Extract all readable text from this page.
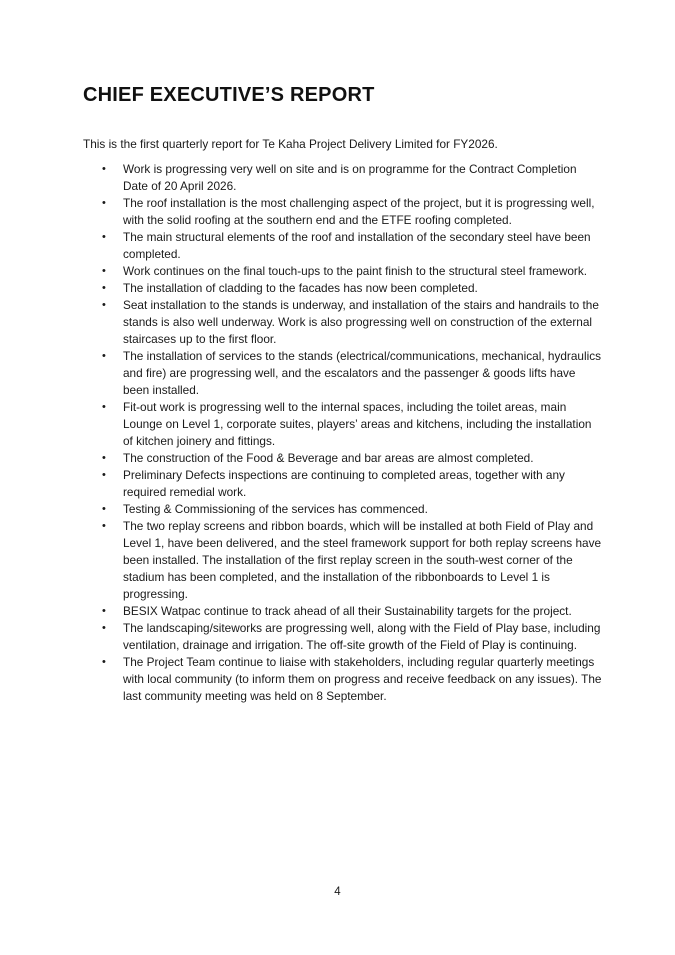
CHIEF EXECUTIVE’S REPORT

This is the first quarterly report for Te Kaha Project Delivery Limited for FY2026.

• Work is progressing very well on site and is on programme for the Contract Completion Date of 20 April 2026.
• The roof installation is the most challenging aspect of the project, but it is progressing well, with the solid roofing at the southern end and the ETFE roofing completed.
• The main structural elements of the roof and installation of the secondary steel have been completed.
• Work continues on the final touch-ups to the paint finish to the structural steel framework.
• The installation of cladding to the facades has now been completed.
• Seat installation to the stands is underway, and installation of the stairs and handrails to the stands is also well underway. Work is also progressing well on construction of the external staircases up to the first floor.
• The installation of services to the stands (electrical/communications, mechanical, hydraulics and fire) are progressing well, and the escalators and the passenger & goods lifts have been installed.
• Fit-out work is progressing well to the internal spaces, including the toilet areas, main Lounge on Level 1, corporate suites, players’ areas and kitchens, including the installation of kitchen joinery and fittings.
• The construction of the Food & Beverage and bar areas are almost completed.
• Preliminary Defects inspections are continuing to completed areas, together with any required remedial work.
• Testing & Commissioning of the services has commenced.
• The two replay screens and ribbon boards, which will be installed at both Field of Play and Level 1, have been delivered, and the steel framework support for both replay screens have been installed. The installation of the first replay screen in the south-west corner of the stadium has been completed, and the installation of the ribbonboards to Level 1 is progressing.
• BESIX Watpac continue to track ahead of all their Sustainability targets for the project.
• The landscaping/siteworks are progressing well, along with the Field of Play base, including ventilation, drainage and irrigation. The off-site growth of the Field of Play is continuing.
• The Project Team continue to liaise with stakeholders, including regular quarterly meetings with local community (to inform them on progress and receive feedback on any issues). The last community meeting was held on 8 September.
4
